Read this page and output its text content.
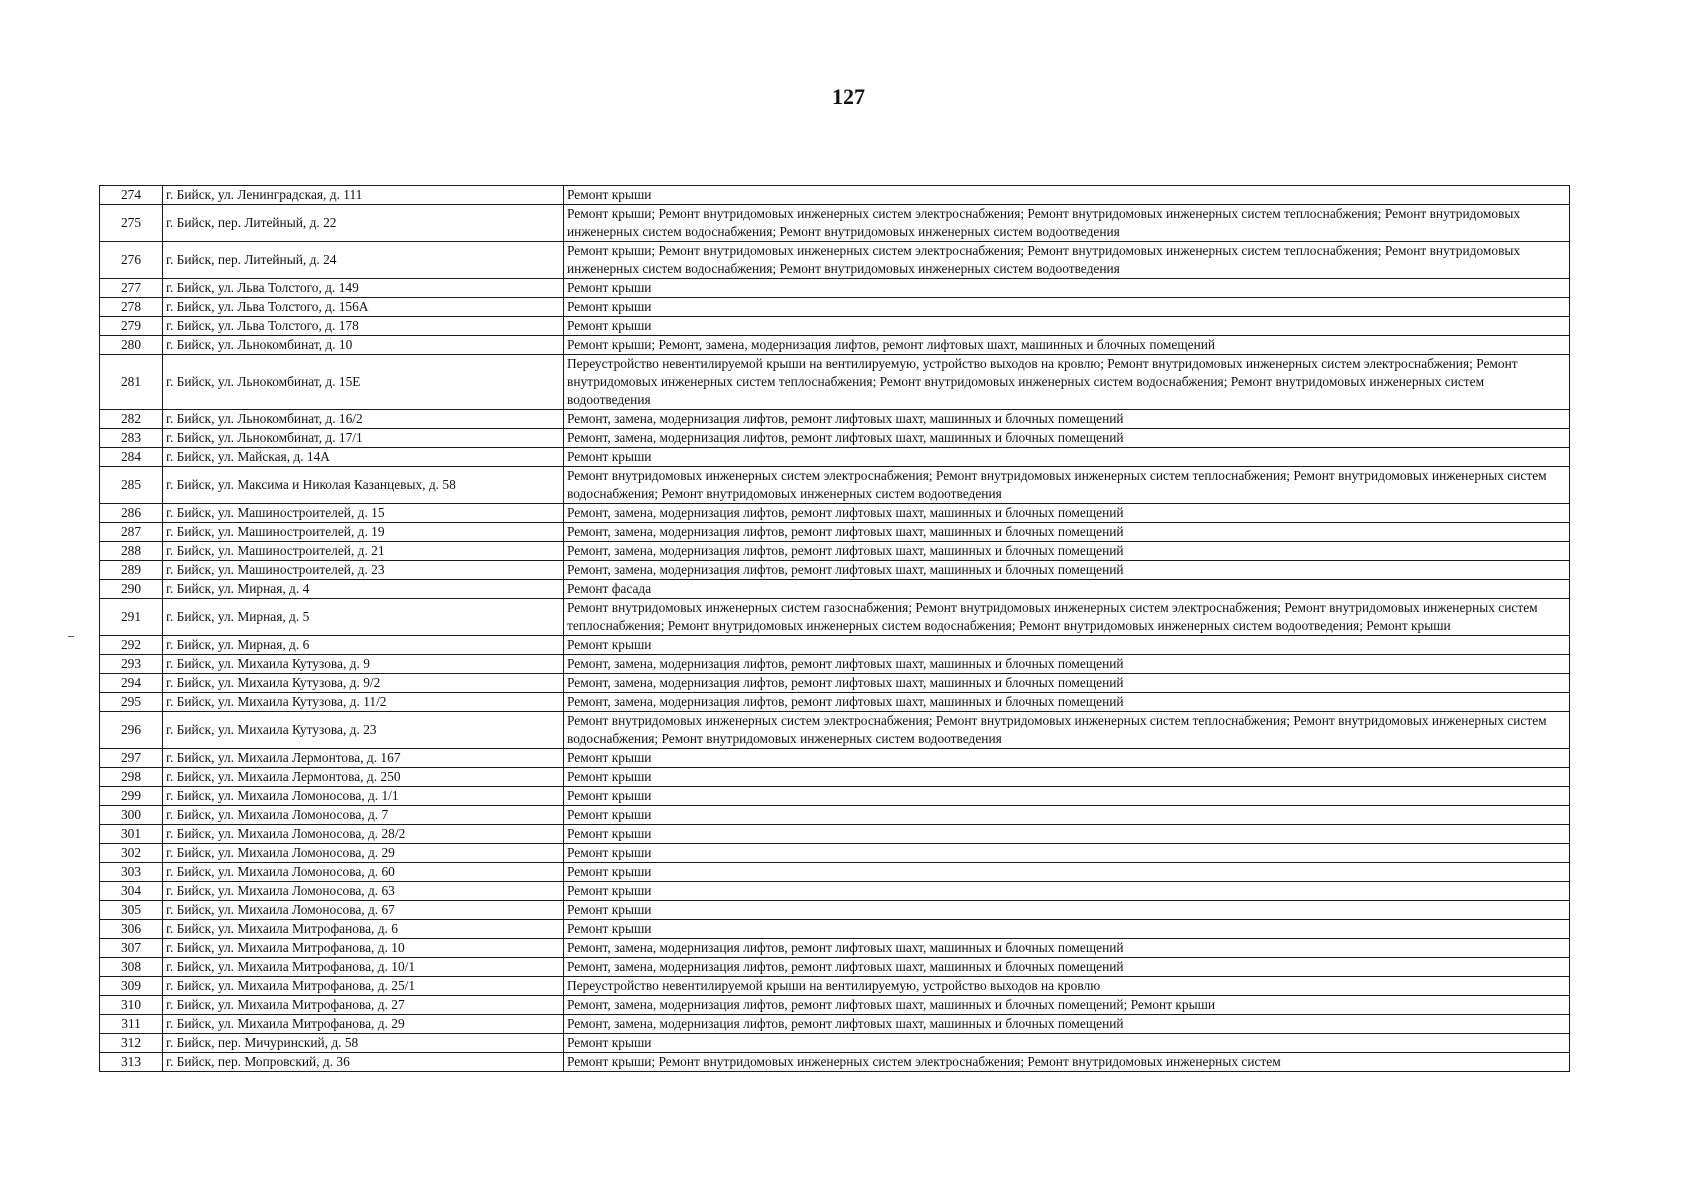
127
274	г. Бийск, ул. Ленинградская, д. 111	Ремонт крыши
275	г. Бийск, пер. Литейный, д. 22	Ремонт крыши; Ремонт внутридомовых инженерных систем электроснабжения; Ремонт внутридомовых инженерных систем теплоснабжения; Ремонт внутридомовых инженерных систем водоснабжения; Ремонт внутридомовых инженерных систем водоотведения
276	г. Бийск, пер. Литейный, д. 24	Ремонт крыши; Ремонт внутридомовых инженерных систем электроснабжения; Ремонт внутридомовых инженерных систем теплоснабжения; Ремонт внутридомовых инженерных систем водоснабжения; Ремонт внутридомовых инженерных систем водоотведения
277	г. Бийск, ул. Льва Толстого, д. 149	Ремонт крыши
278	г. Бийск, ул. Льва Толстого, д. 156А	Ремонт крыши
279	г. Бийск, ул. Льва Толстого, д. 178	Ремонт крыши
280	г. Бийск, ул. Льнокомбинат, д. 10	Ремонт крыши; Ремонт, замена, модернизация лифтов, ремонт лифтовых шахт, машинных и блочных помещений
281	г. Бийск, ул. Льнокомбинат, д. 15Е	Переустройство невентилируемой крыши на вентилируемую, устройство выходов на кровлю; Ремонт внутридомовых инженерных систем электроснабжения; Ремонт внутридомовых инженерных систем теплоснабжения; Ремонт внутридомовых инженерных систем водоснабжения; Ремонт внутридомовых инженерных систем водоотведения
282	г. Бийск, ул. Льнокомбинат, д. 16/2	Ремонт, замена, модернизация лифтов, ремонт лифтовых шахт, машинных и блочных помещений
283	г. Бийск, ул. Льнокомбинат, д. 17/1	Ремонт, замена, модернизация лифтов, ремонт лифтовых шахт, машинных и блочных помещений
284	г. Бийск, ул. Майская, д. 14А	Ремонт крыши
285	г. Бийск, ул. Максима и Николая Казанцевых, д. 58	Ремонт внутридомовых инженерных систем электроснабжения; Ремонт внутридомовых инженерных систем теплоснабжения; Ремонт внутридомовых инженерных систем водоснабжения; Ремонт внутридомовых инженерных систем водоотведения
286	г. Бийск, ул. Машиностроителей, д. 15	Ремонт, замена, модернизация лифтов, ремонт лифтовых шахт, машинных и блочных помещений
287	г. Бийск, ул. Машиностроителей, д. 19	Ремонт, замена, модернизация лифтов, ремонт лифтовых шахт, машинных и блочных помещений
288	г. Бийск, ул. Машиностроителей, д. 21	Ремонт, замена, модернизация лифтов, ремонт лифтовых шахт, машинных и блочных помещений
289	г. Бийск, ул. Машиностроителей, д. 23	Ремонт, замена, модернизация лифтов, ремонт лифтовых шахт, машинных и блочных помещений
290	г. Бийск, ул. Мирная, д. 4	Ремонт фасада
291	г. Бийск, ул. Мирная, д. 5	Ремонт внутридомовых инженерных систем газоснабжения; Ремонт внутридомовых инженерных систем электроснабжения; Ремонт внутридомовых инженерных систем теплоснабжения; Ремонт внутридомовых инженерных систем водоснабжения; Ремонт внутридомовых инженерных систем водоотведения; Ремонт крыши
292	г. Бийск, ул. Мирная, д. 6	Ремонт крыши
293	г. Бийск, ул. Михаила Кутузова, д. 9	Ремонт, замена, модернизация лифтов, ремонт лифтовых шахт, машинных и блочных помещений
294	г. Бийск, ул. Михаила Кутузова, д. 9/2	Ремонт, замена, модернизация лифтов, ремонт лифтовых шахт, машинных и блочных помещений
295	г. Бийск, ул. Михаила Кутузова, д. 11/2	Ремонт, замена, модернизация лифтов, ремонт лифтовых шахт, машинных и блочных помещений
296	г. Бийск, ул. Михаила Кутузова, д. 23	Ремонт внутридомовых инженерных систем электроснабжения; Ремонт внутридомовых инженерных систем теплоснабжения; Ремонт внутридомовых инженерных систем водоснабжения; Ремонт внутридомовых инженерных систем водоотведения
297	г. Бийск, ул. Михаила Лермонтова, д. 167	Ремонт крыши
298	г. Бийск, ул. Михаила Лермонтова, д. 250	Ремонт крыши
299	г. Бийск, ул. Михаила Ломоносова, д. 1/1	Ремонт крыши
300	г. Бийск, ул. Михаила Ломоносова, д. 7	Ремонт крыши
301	г. Бийск, ул. Михаила Ломоносова, д. 28/2	Ремонт крыши
302	г. Бийск, ул. Михаила Ломоносова, д. 29	Ремонт крыши
303	г. Бийск, ул. Михаила Ломоносова, д. 60	Ремонт крыши
304	г. Бийск, ул. Михаила Ломоносова, д. 63	Ремонт крыши
305	г. Бийск, ул. Михаила Ломоносова, д. 67	Ремонт крыши
306	г. Бийск, ул. Михаила Митрофанова, д. 6	Ремонт крыши
307	г. Бийск, ул. Михаила Митрофанова, д. 10	Ремонт, замена, модернизация лифтов, ремонт лифтовых шахт, машинных и блочных помещений
308	г. Бийск, ул. Михаила Митрофанова, д. 10/1	Ремонт, замена, модернизация лифтов, ремонт лифтовых шахт, машинных и блочных помещений
309	г. Бийск, ул. Михаила Митрофанова, д. 25/1	Переустройство невентилируемой крыши на вентилируемую, устройство выходов на кровлю
310	г. Бийск, ул. Михаила Митрофанова, д. 27	Ремонт, замена, модернизация лифтов, ремонт лифтовых шахт, машинных и блочных помещений; Ремонт крыши
311	г. Бийск, ул. Михаила Митрофанова, д. 29	Ремонт, замена, модернизация лифтов, ремонт лифтовых шахт, машинных и блочных помещений
312	г. Бийск, пер. Мичуринский, д. 58	Ремонт крыши
313	г. Бийск, пер. Мопровский, д. 36	Ремонт крыши; Ремонт внутридомовых инженерных систем электроснабжения; Ремонт внутридомовых инженерных систем
